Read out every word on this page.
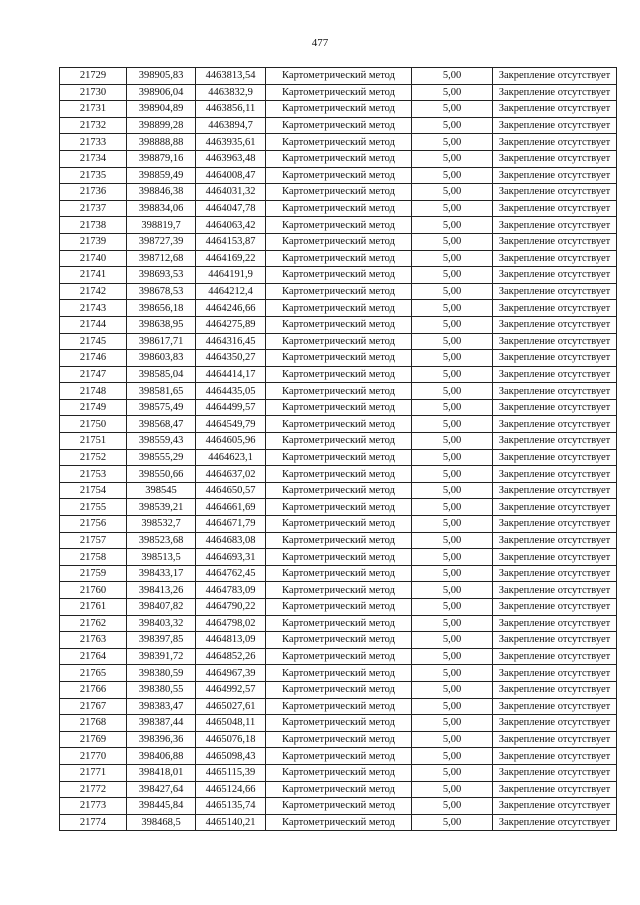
477
21729	398905,83	4463813,54	Картометрический метод	5,00	Закрепление отсутствует
21730	398906,04	4463832,9	Картометрический метод	5,00	Закрепление отсутствует
21731	398904,89	4463856,11	Картометрический метод	5,00	Закрепление отсутствует
21732	398899,28	4463894,7	Картометрический метод	5,00	Закрепление отсутствует
21733	398888,88	4463935,61	Картометрический метод	5,00	Закрепление отсутствует
21734	398879,16	4463963,48	Картометрический метод	5,00	Закрепление отсутствует
21735	398859,49	4464008,47	Картометрический метод	5,00	Закрепление отсутствует
21736	398846,38	4464031,32	Картометрический метод	5,00	Закрепление отсутствует
21737	398834,06	4464047,78	Картометрический метод	5,00	Закрепление отсутствует
21738	398819,7	4464063,42	Картометрический метод	5,00	Закрепление отсутствует
21739	398727,39	4464153,87	Картометрический метод	5,00	Закрепление отсутствует
21740	398712,68	4464169,22	Картометрический метод	5,00	Закрепление отсутствует
21741	398693,53	4464191,9	Картометрический метод	5,00	Закрепление отсутствует
21742	398678,53	4464212,4	Картометрический метод	5,00	Закрепление отсутствует
21743	398656,18	4464246,66	Картометрический метод	5,00	Закрепление отсутствует
21744	398638,95	4464275,89	Картометрический метод	5,00	Закрепление отсутствует
21745	398617,71	4464316,45	Картометрический метод	5,00	Закрепление отсутствует
21746	398603,83	4464350,27	Картометрический метод	5,00	Закрепление отсутствует
21747	398585,04	4464414,17	Картометрический метод	5,00	Закрепление отсутствует
21748	398581,65	4464435,05	Картометрический метод	5,00	Закрепление отсутствует
21749	398575,49	4464499,57	Картометрический метод	5,00	Закрепление отсутствует
21750	398568,47	4464549,79	Картометрический метод	5,00	Закрепление отсутствует
21751	398559,43	4464605,96	Картометрический метод	5,00	Закрепление отсутствует
21752	398555,29	4464623,1	Картометрический метод	5,00	Закрепление отсутствует
21753	398550,66	4464637,02	Картометрический метод	5,00	Закрепление отсутствует
21754	398545	4464650,57	Картометрический метод	5,00	Закрепление отсутствует
21755	398539,21	4464661,69	Картометрический метод	5,00	Закрепление отсутствует
21756	398532,7	4464671,79	Картометрический метод	5,00	Закрепление отсутствует
21757	398523,68	4464683,08	Картометрический метод	5,00	Закрепление отсутствует
21758	398513,5	4464693,31	Картометрический метод	5,00	Закрепление отсутствует
21759	398433,17	4464762,45	Картометрический метод	5,00	Закрепление отсутствует
21760	398413,26	4464783,09	Картометрический метод	5,00	Закрепление отсутствует
21761	398407,82	4464790,22	Картометрический метод	5,00	Закрепление отсутствует
21762	398403,32	4464798,02	Картометрический метод	5,00	Закрепление отсутствует
21763	398397,85	4464813,09	Картометрический метод	5,00	Закрепление отсутствует
21764	398391,72	4464852,26	Картометрический метод	5,00	Закрепление отсутствует
21765	398380,59	4464967,39	Картометрический метод	5,00	Закрепление отсутствует
21766	398380,55	4464992,57	Картометрический метод	5,00	Закрепление отсутствует
21767	398383,47	4465027,61	Картометрический метод	5,00	Закрепление отсутствует
21768	398387,44	4465048,11	Картометрический метод	5,00	Закрепление отсутствует
21769	398396,36	4465076,18	Картометрический метод	5,00	Закрепление отсутствует
21770	398406,88	4465098,43	Картометрический метод	5,00	Закрепление отсутствует
21771	398418,01	4465115,39	Картометрический метод	5,00	Закрепление отсутствует
21772	398427,64	4465124,66	Картометрический метод	5,00	Закрепление отсутствует
21773	398445,84	4465135,74	Картометрический метод	5,00	Закрепление отсутствует
21774	398468,5	4465140,21	Картометрический метод	5,00	Закрепление отсутствует
